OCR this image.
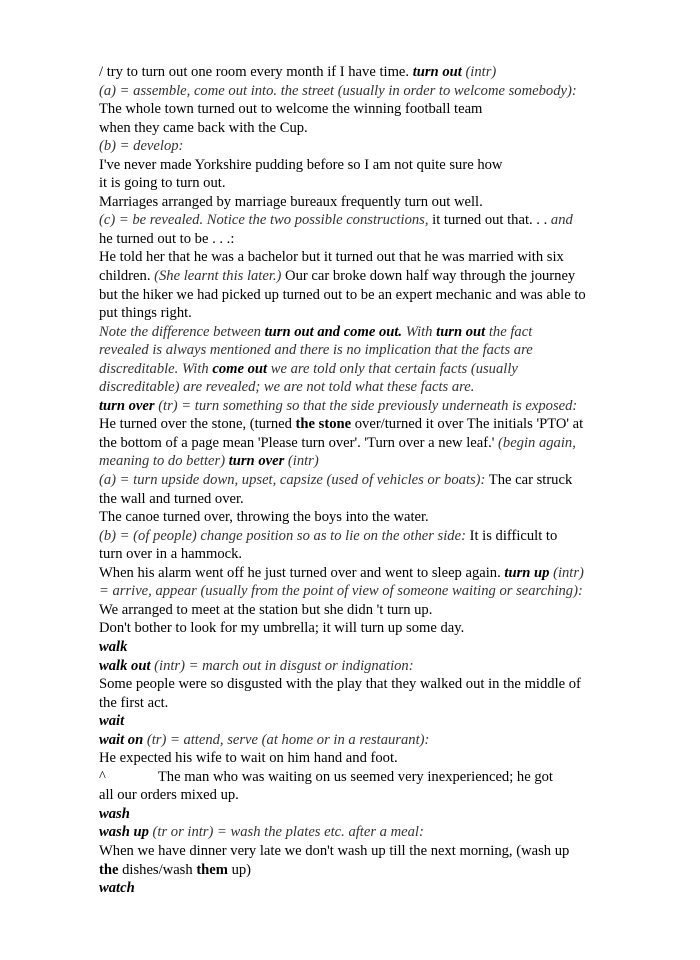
/ try to turn out one room every month if I have time. turn out (intr)
(a) = assemble, come out into. the street (usually in order to welcome somebody):
The whole town turned out to welcome the winning football team
when they came back with the Cup.
(b) = develop:
I've never made Yorkshire pudding before so I am not quite sure how
it is going to turn out.
Marriages arranged by marriage bureaux frequently turn out well.
(c) = be revealed. Notice the two possible constructions, it turned out that. . . and
he turned out to be . . .:
He told her that he was a bachelor but it turned out that he was married with six
children. (She learnt this later.) Our car broke down half way through the journey
but the hiker we had picked up turned out to be an expert mechanic and was able to
put things right.
Note the difference between turn out and come out. With turn out the fact
revealed is always mentioned and there is no implication that the facts are
discreditable. With come out we are told only that certain facts (usually
discreditable) are revealed; we are not told what these facts are.
turn over (tr) = turn something so that the side previously underneath is exposed:
He turned over the stone, (turned the stone over/turned it over The initials 'PTO' at
the bottom of a page mean 'Please turn over'. 'Turn over a new leaf.' (begin again,
meaning to do better) turn over (intr)
(a) = turn upside down, upset, capsize (used of vehicles or boats): The car struck
the wall and turned over.
The canoe turned over, throwing the boys into the water.
(b) = (of people) change position so as to lie on the other side: It is difficult to
turn over in a hammock.
When his alarm went off he just turned over and went to sleep again. turn up (intr)
= arrive, appear (usually from the point of view of someone waiting or searching):
We arranged to meet at the station but she didn 't turn up.
Don't bother to look for my umbrella; it will turn up some day.
walk
walk out (intr) = march out in disgust or indignation:
Some people were so disgusted with the play that they walked out in the middle of
the first act.
wait
wait on (tr) = attend, serve (at home or in a restaurant):
He expected his wife to wait on him hand and foot.
^	The man who was waiting on us seemed very inexperienced; he got
all our orders mixed up.
wash
wash up (tr or intr) = wash the plates etc. after a meal:
When we have dinner very late we don't wash up till the next morning, (wash up
the dishes/wash them up)
watch
